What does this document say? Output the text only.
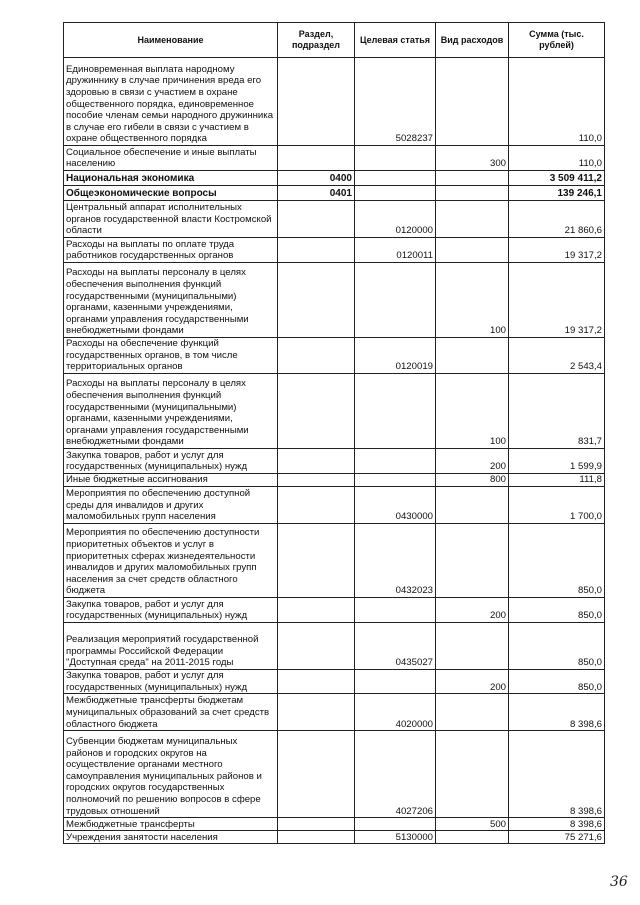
Наименование	Раздел, подраздел	Целевая статья	Вид расходов	Сумма (тыс. рублей)
Единовременная выплата народному дружиннику в случае причинения вреда его здоровью в связи с участием в охране общественного порядка, единовременное пособие членам семьи народного дружинника в случае его гибели в связи с участием в охране общественного порядка		5028237		110,0
Социальное обеспечение и иные выплаты населению			300	110,0
Национальная экономика	0400			3 509 411,2
Общеэкономические вопросы	0401			139 246,1
Центральный аппарат исполнительных органов государственной власти Костромской области		0120000		21 860,6
Расходы на выплаты по оплате труда работников государственных органов		0120011		19 317,2
Расходы на выплаты персоналу в целях обеспечения выполнения функций государственными (муниципальными) органами, казенными учреждениями, органами управления государственными внебюджетными фондами			100	19 317,2
Расходы на обеспечение функций государственных органов, в том числе территориальных органов		0120019		2 543,4
Расходы на выплаты персоналу в целях обеспечения выполнения функций государственными (муниципальными) органами, казенными учреждениями, органами управления государственными внебюджетными фондами			100	831,7
Закупка товаров, работ и услуг для государственных (муниципальных) нужд			200	1 599,9
Иные бюджетные ассигнования			800	111,8
Мероприятия по обеспечению доступной среды для инвалидов и других маломобильных групп населения		0430000		1 700,0
Мероприятия по обеспечению доступности приоритетных объектов и услуг в приоритетных сферах жизнедеятельности инвалидов и других маломобильных групп населения за счет средств областного бюджета		0432023		850,0
Закупка товаров, работ и услуг для государственных (муниципальных) нужд			200	850,0
Реализация мероприятий государственной программы Российской Федерации "Доступная среда" на 2011-2015 годы		0435027		850,0
Закупка товаров, работ и услуг для государственных (муниципальных) нужд			200	850,0
Межбюджетные трансферты бюджетам муниципальных образований за счет средств областного бюджета		4020000		8 398,6
Субвенции бюджетам муниципальных районов и городских округов на осуществление органами местного самоуправления муниципальных районов и городских округов государственных полномочий по решению вопросов в сфере трудовых отношений		4027206		8 398,6
Межбюджетные трансферты			500	8 398,6
Учреждения занятости населения		5130000		75 271,6
36
